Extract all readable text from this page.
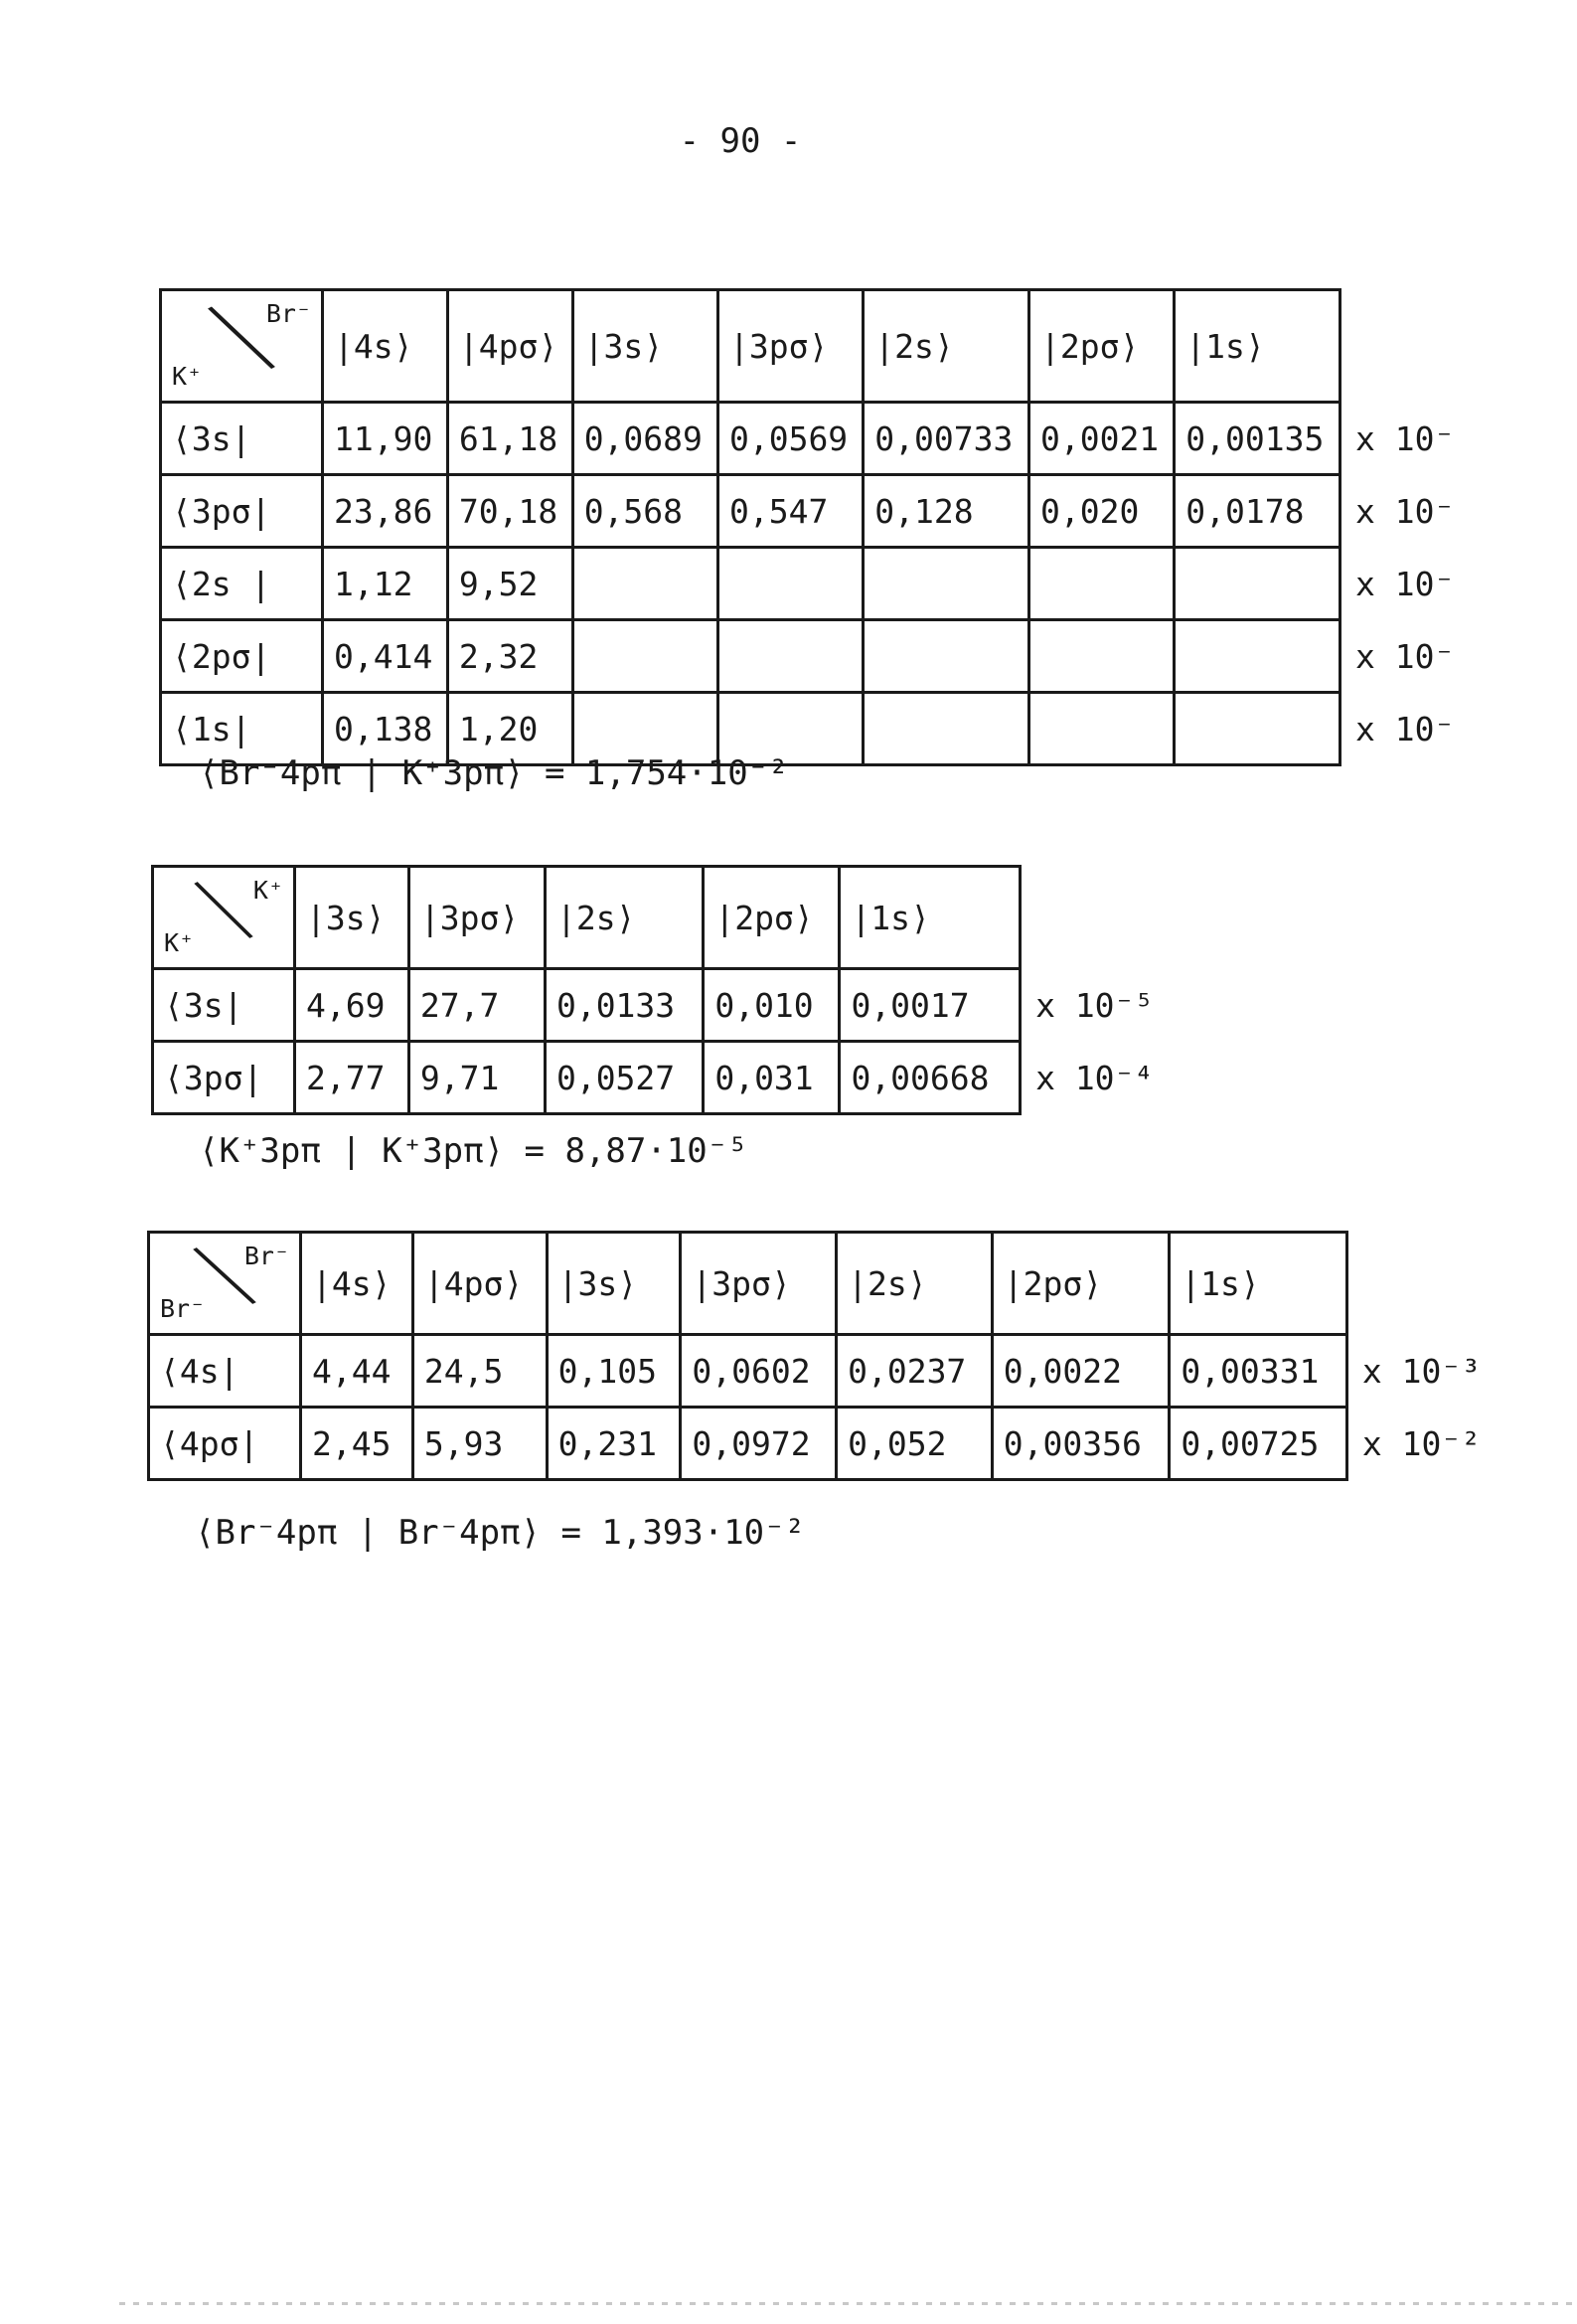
- 90 -
Br⁻
K⁺	|4s⟩	|4pσ⟩	|3s⟩	|3pσ⟩	|2s⟩	|2pσ⟩	|1s⟩	
⟨3s|	11,90	61,18	0,0689	0,0569	0,00733	0,0021	0,00135	x 10⁻
⟨3pσ|	23,86	70,18	0,568	0,547	0,128	0,020	0,0178	x 10⁻
⟨2s |	1,12	9,52						x 10⁻
⟨2pσ|	0,414	2,32						x 10⁻
⟨1s|	0,138	1,20						x 10⁻
⟨Br⁻4pπ | K⁺3pπ⟩ = 1,754·10⁻²
K⁺
K⁺	|3s⟩	|3pσ⟩	|2s⟩	|2pσ⟩	|1s⟩	
⟨3s|	4,69	27,7	0,0133	0,010	0,0017	x 10⁻⁵
⟨3pσ|	2,77	9,71	0,0527	0,031	0,00668	x 10⁻⁴
⟨K⁺3pπ | K⁺3pπ⟩ = 8,87·10⁻⁵
Br⁻
Br⁻	|4s⟩	|4pσ⟩	|3s⟩	|3pσ⟩	|2s⟩	|2pσ⟩	|1s⟩	
⟨4s|	4,44	24,5	0,105	0,0602	0,0237	0,0022	0,00331	x 10⁻³
⟨4pσ|	2,45	5,93	0,231	0,0972	0,052	0,00356	0,00725	x 10⁻²
⟨Br⁻4pπ | Br⁻4pπ⟩ = 1,393·10⁻²
